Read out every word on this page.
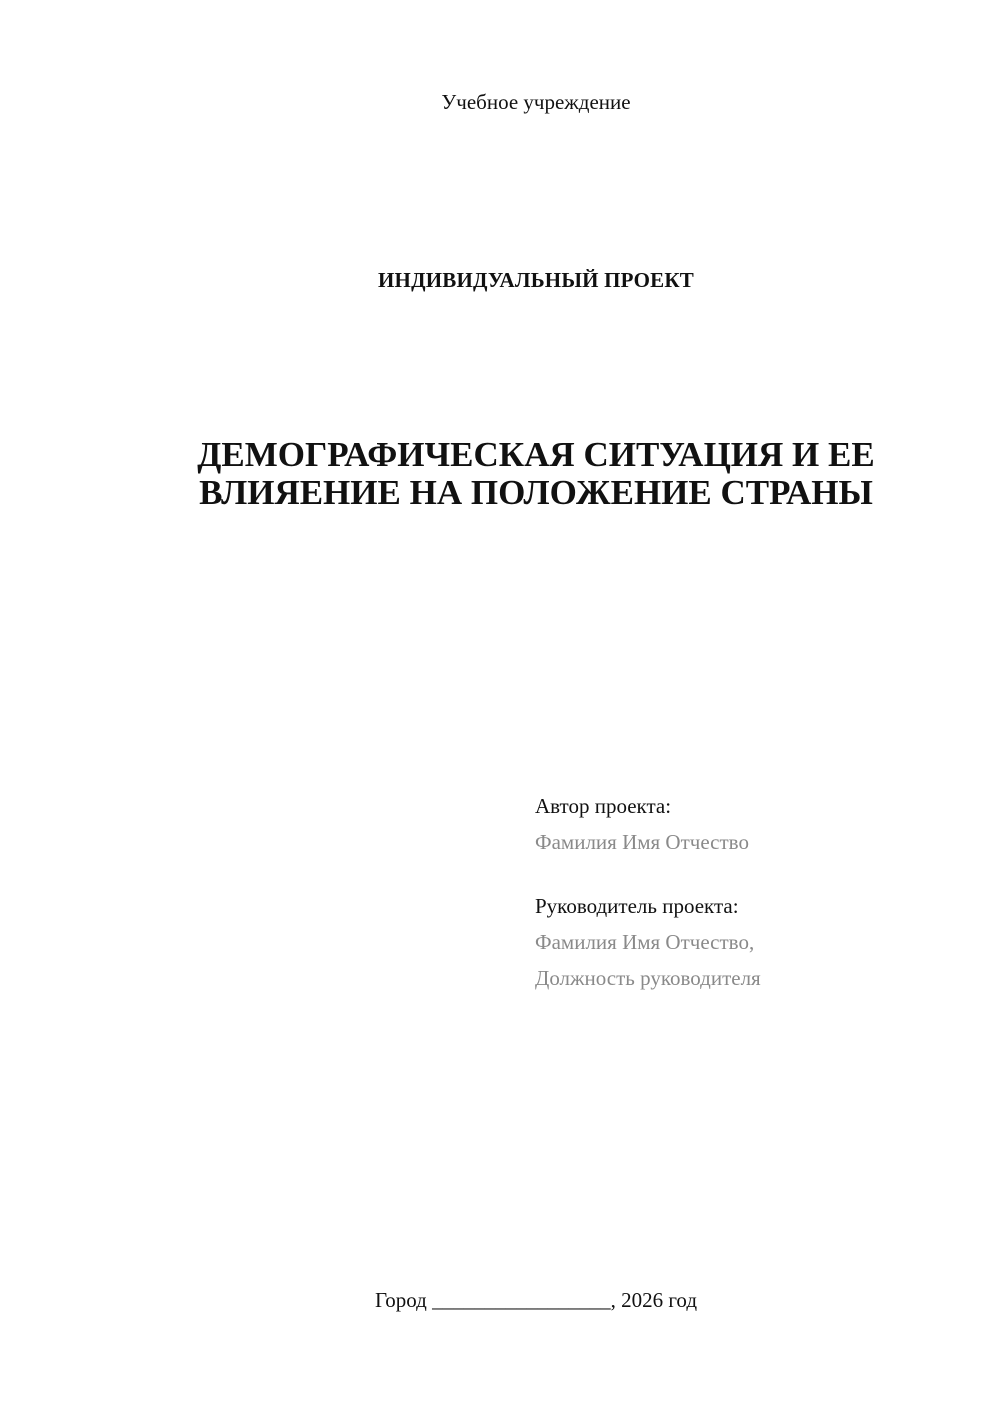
Учебное учреждение
ИНДИВИДУАЛЬНЫЙ ПРОЕКТ
ДЕМОГРАФИЧЕСКАЯ СИТУАЦИЯ И ЕЕ
ВЛИЯЕНИЕ НА ПОЛОЖЕНИЕ СТРАНЫ
Автор проекта:
Фамилия Имя Отчество
Руководитель проекта:
Фамилия Имя Отчество,
Должность руководителя
Город _________________, 2026 год
